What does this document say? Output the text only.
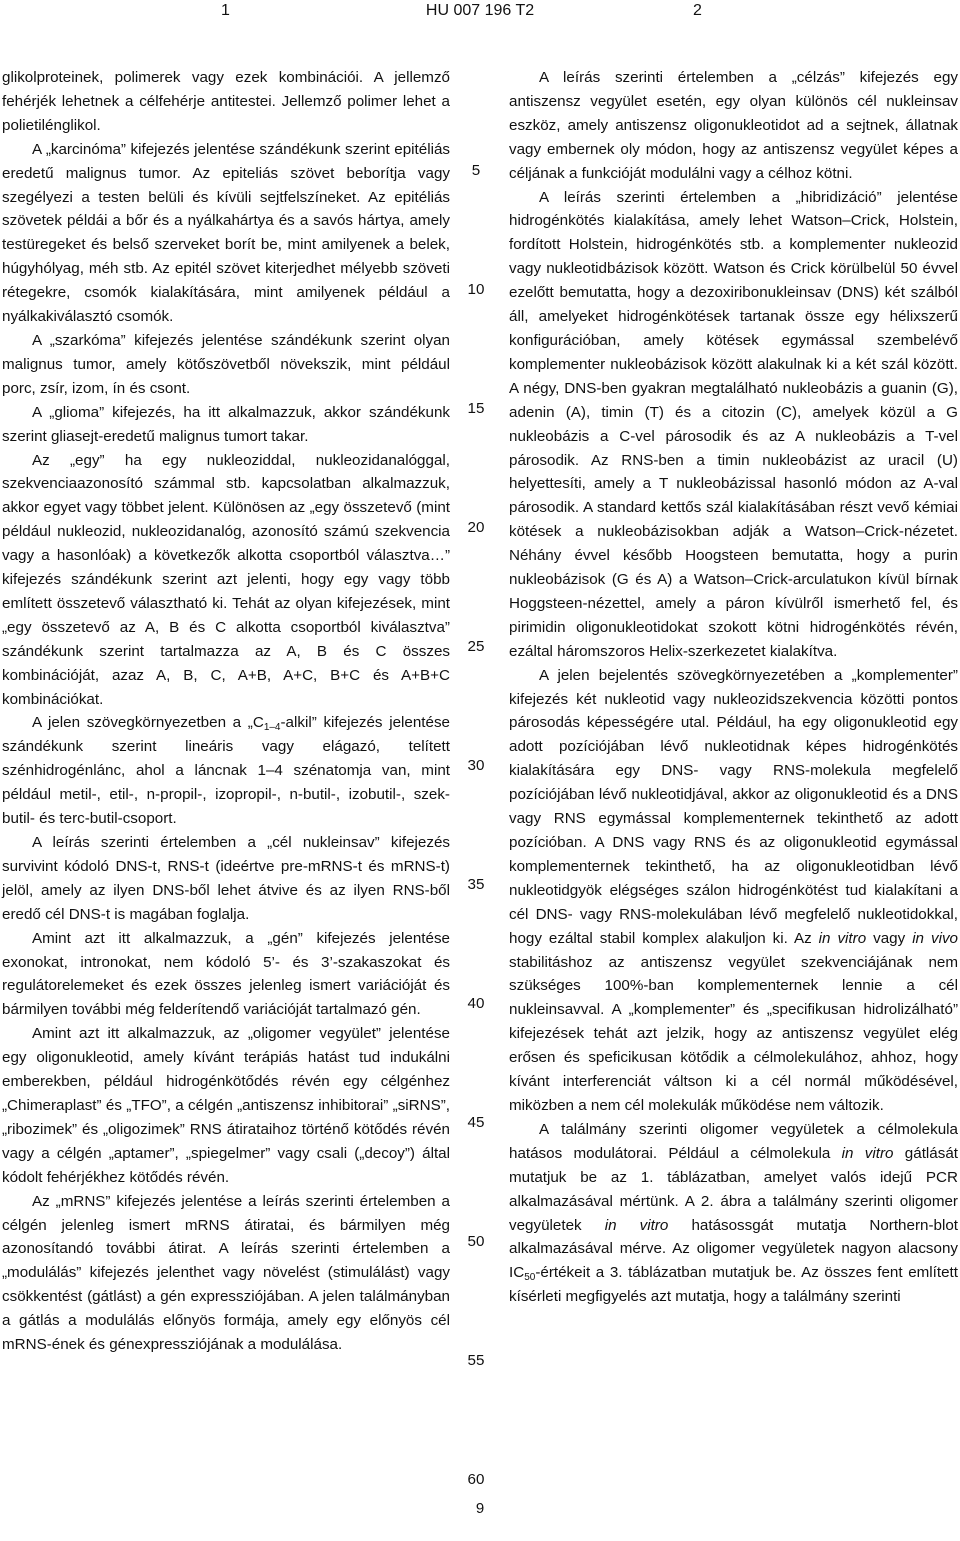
1	HU 007 196 T2	2

glikolproteinek, polimerek vagy ezek kombinációi. A jellemző fehérjék lehetnek a célfehérje antitestei. Jellemző polimer lehet a polietilénglikol.

A „karcinóma” kifejezés jelentése szándékunk szerint epitéliás eredetű malignus tumor. Az epiteliás szövet beborítja vagy szegélyezi a testen belüli és kívüli sejtfelszíneket. Az epitéliás szövetek példái a bőr és a nyálkahártya és a savós hártya, amely testüregeket és belső szerveket borít be, mint amilyenek a belek, húgyhólyag, méh stb. Az epitél szövet kiterjedhet mélyebb szöveti rétegekre, csomók kialakítására, mint amilyenek például a nyálkakiválasztó csomók.

A „szarkóma” kifejezés jelentése szándékunk szerint olyan malignus tumor, amely kötőszövetből növekszik, mint például porc, zsír, izom, ín és csont.

A „glioma” kifejezés, ha itt alkalmazzuk, akkor szándékunk szerint gliasejt-eredetű malignus tumort takar.

Az „egy” ha egy nukleoziddal, nukleozidanalóggal, szekvenciaazonosító számmal stb. kapcsolatban alkalmazzuk, akkor egyet vagy többet jelent. Különösen az „egy összetevő (mint például nukleozid, nukleozidanalóg, azonosító számú szekvencia vagy a hasonlóak) a következők alkotta csoportból választva…” kifejezés szándékunk szerint azt jelenti, hogy egy vagy több említett összetevő választható ki. Tehát az olyan kifejezések, mint „egy összetevő az A, B és C alkotta csoportból kiválasztva” szándékunk szerint tartalmazza az A, B és C összes kombinációját, azaz A, B, C, A+B, A+C, B+C és A+B+C kombinációkat.

A jelen szövegkörnyezetben a $„C_{1-4}$-alkil” kifejezés jelentése szándékunk szerint lineáris vagy elágazó, telített szénhidrogénlánc, ahol a láncnak 1–4 szénatomja van, mint például metil-, etil-, n-propil-, izopropil-, n-butil-, izobutil-, szek-butil- és terc-butil-csoport.

A leírás szerinti értelemben a „cél nukleinsav” kifejezés survivint kódoló DNS-t, RNS-t (ideértve pre-mRNS-t és mRNS-t) jelöl, amely az ilyen DNS-ből lehet átvive és az ilyen RNS-ből eredő cél DNS-t is magában foglalja.

Amint azt itt alkalmazzuk, a „gén” kifejezés jelentése exonokat, intronokat, nem kódoló 5’- és 3’-szakaszokat és regulátorelemeket és ezek összes jelenleg ismert variációját és bármilyen további még felderítendő variációját tartalmazó gén.

Amint azt itt alkalmazzuk, az „oligomer vegyület” jelentése egy oligonukleotid, amely kívánt terápiás hatást tud indukálni emberekben, például hidrogénkötődés révén egy célgénhez „Chimeraplast” és „TFO”, a célgén „antiszensz inhibitorai” „siRNS”, „ribozimek” és „oligozimek” RNS átirataihoz történő kötődés révén vagy a célgén „aptamer”, „spiegelmer” vagy csali („decoy”) által kódolt fehérjékhez kötődés révén.

Az „mRNS” kifejezés jelentése a leírás szerinti értelemben a célgén jelenleg ismert mRNS átiratai, és bármilyen még azonosítandó további átirat. A leírás szerinti értelemben a „modulálás” kifejezés jelenthet vagy növelést (stimulálást) vagy csökkentést (gátlást) a gén expressziójában. A jelen találmányban a gátlás a modulálás előnyös formája, amely egy előnyös cél mRNS-ének és génexpressziójának a modulálása.

5
10
15
20
25
30
35
40
45
50
55
60

A leírás szerinti értelemben a „célzás” kifejezés egy antiszensz vegyület esetén, egy olyan különös cél nukleinsav eszköz, amely antiszensz oligonukleotidot ad a sejtnek, állatnak vagy embernek oly módon, hogy az antiszensz vegyület képes a céljának a funkcióját modulálni vagy a célhoz kötni.

A leírás szerinti értelemben a „hibridizáció” jelentése hidrogénkötés kialakítása, amely lehet Watson–Crick, Holstein, fordított Holstein, hidrogénkötés stb. a komplementer nukleozid vagy nukleotidbázisok között. Watson és Crick körülbelül 50 évvel ezelőtt bemutatta, hogy a dezoxiribonukleinsav (DNS) két szálból áll, amelyeket hidrogénkötések tartanak össze egy hélixszerű konfigurációban, amely kötések egymással szembelévő komplementer nukleobázisok között alakulnak ki a két szál között. A négy, DNS-ben gyakran megtalálható nukleobázis a guanin (G), adenin (A), timin (T) és a citozin (C), amelyek közül a G nukleobázis a C-vel párosodik és az A nukleobázis a T-vel párosodik. Az RNS-ben a timin nukleobázist az uracil (U) helyettesíti, amely a T nukleobázissal hasonló módon az A-val párosodik. A standard kettős szál kialakításában részt vevő kémiai kötések a nukleobázisokban adják a Watson–Crick-nézetet. Néhány évvel később Hoogsteen bemutatta, hogy a purin nukleobázisok (G és A) a Watson–Crick-arculatukon kívül bírnak Hoggsteen-nézettel, amely a páron kívülről ismerhető fel, és pirimidin oligonukleotidokat szokott kötni hidrogénkötés révén, ezáltal háromszoros Helix-szerkezetet kialakítva.

A jelen bejelentés szövegkörnyezetében a „komplementer” kifejezés két nukleotid vagy nukleozidszekvencia közötti pontos párosodás képességére utal. Például, ha egy oligonukleotid egy adott pozíciójában lévő nukleotidnak képes hidrogénkötés kialakítására egy DNS- vagy RNS-molekula megfelelő pozíciójában lévő nukleotidjával, akkor az oligonukleotid és a DNS vagy RNS egymással komplementernek tekinthető az adott pozícióban. A DNS vagy RNS és az oligonukleotid egymással komplementernek tekinthető, ha az oligonukleotidban lévő nukleotidgyök elégséges szálon hidrogénkötést tud kialakítani a cél DNS- vagy RNS-molekulában lévő megfelelő nukleotidokkal, hogy ezáltal stabil komplex alakuljon ki. Az in vitro vagy in vivo stabilitáshoz az antiszensz vegyület szekvenciájának nem szükséges 100%-ban komplementernek lennie a cél nukleinsavval. A „komplementer” és „specifikusan hidrolizálható” kifejezések tehát azt jelzik, hogy az antiszensz vegyület elég erősen és speficikusan kötődik a célmolekulához, ahhoz, hogy kívánt interferenciát váltson ki a cél normál működésével, miközben a nem cél molekulák működése nem változik.

A találmány szerinti oligomer vegyületek a célmolekula hatásos modulátorai. Például a célmolekula in vitro gátlását mutatjuk be az 1. táblázatban, amelyet valós idejű PCR alkalmazásával mértünk. A 2. ábra a találmány szerinti oligomer vegyületek in vitro hatásossgát mutatja Northern-blot alkalmazásával mérve. Az oligomer vegyületek nagyon alacsony $IC_{50}$-értékeit a 3. táblázatban mutatjuk be. Az összes fent említett kísérleti megfigyelés azt mutatja, hogy a találmány szerinti

9
